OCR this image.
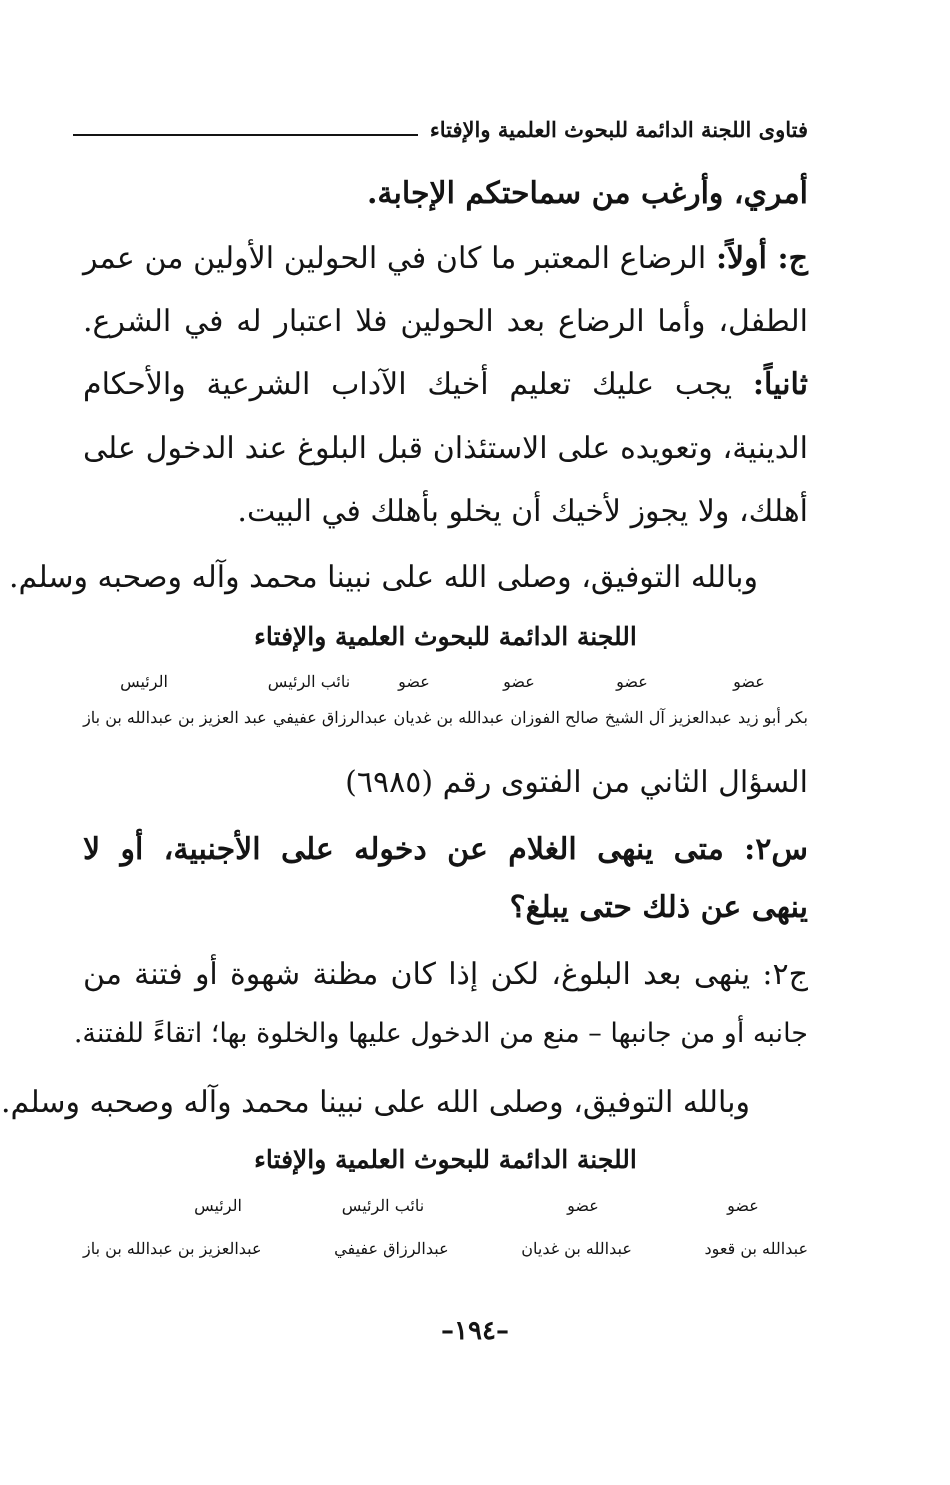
فتاوى اللجنة الدائمة للبحوث العلمية والإفتاء
أمري، وأرغب من سماحتكم الإجابة.
ج: أولاً: الرضاع المعتبر ما كان في الحولين الأولين من عمر
الطفل، وأما الرضاع بعد الحولين فلا اعتبار له في الشرع.
ثانياً: يجب عليك تعليم أخيك الآداب الشرعية والأحكام
الدينية، وتعويده على الاستئذان قبل البلوغ عند الدخول على
أهلك، ولا يجوز لأخيك أن يخلو بأهلك في البيت.
وبالله التوفيق، وصلى الله على نبينا محمد وآله وصحبه وسلم.
اللجنة الدائمة للبحوث العلمية والإفتاء
عضو
عضو
عضو
عضو
نائب الرئيس
الرئيس
بكر أبو زيد
عبدالعزيز آل الشيخ
صالح الفوزان
عبدالله بن غديان
عبدالرزاق عفيفي
عبد العزيز بن عبدالله بن باز
السؤال الثاني من الفتوى رقم (٦٩٨٥)
س٢: متى ينهى الغلام عن دخوله على الأجنبية، أو لا
ينهى عن ذلك حتى يبلغ؟
ج٢: ينهى بعد البلوغ، لكن إذا كان مظنة شهوة أو فتنة من
جانبه أو من جانبها – منع من الدخول عليها والخلوة بها؛ اتقاءً للفتنة.
وبالله التوفيق، وصلى الله على نبينا محمد وآله وصحبه وسلم.
اللجنة الدائمة للبحوث العلمية والإفتاء
عضو
عضو
نائب الرئيس
الرئيس
عبدالله بن قعود
عبدالله بن غديان
عبدالرزاق عفيفي
عبدالعزيز بن عبدالله بن باز
–١٩٤–
